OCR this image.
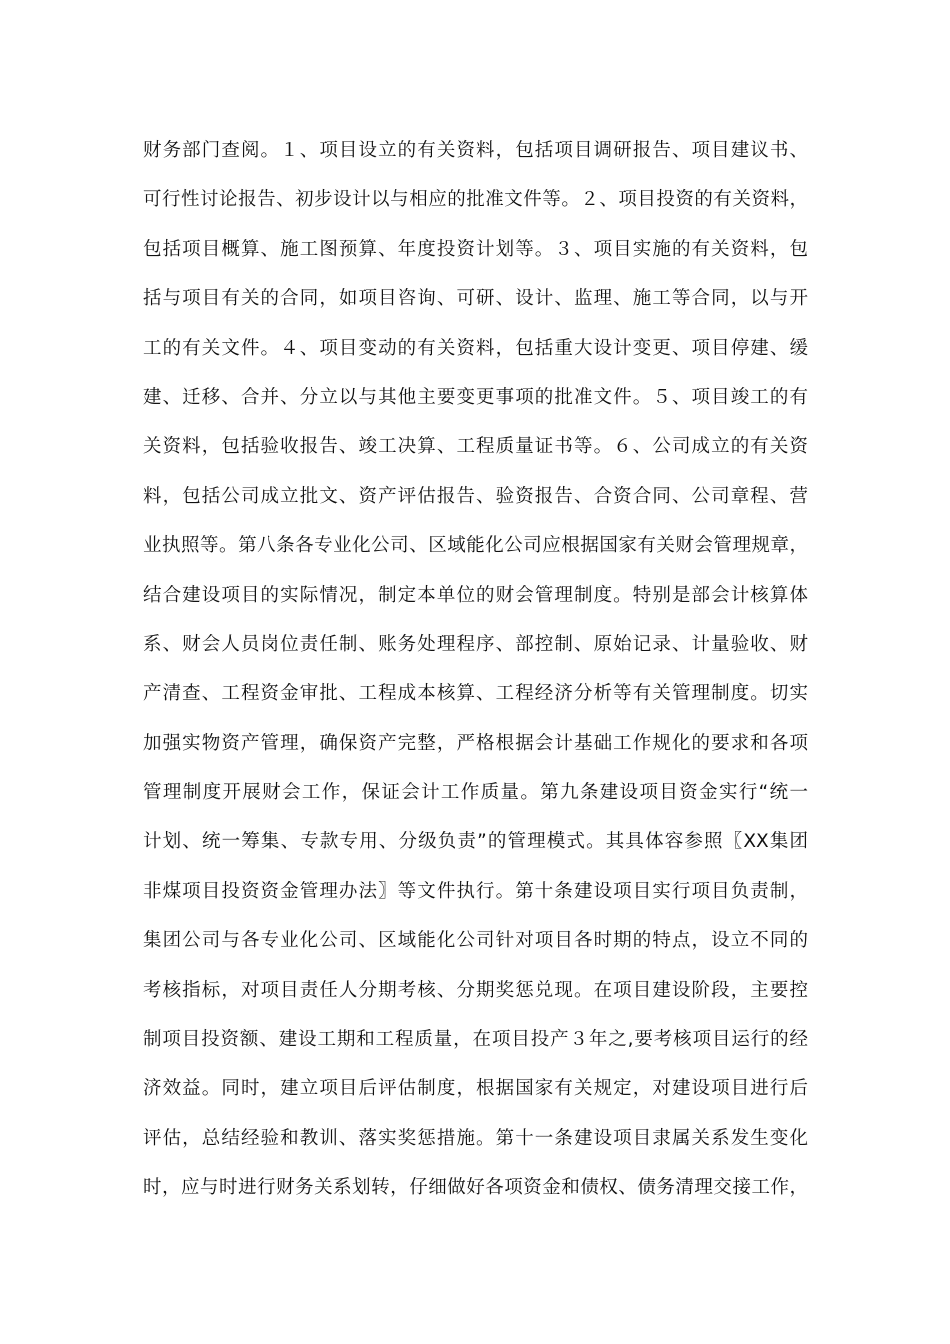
财务部门查阅。１、项目设立的有关资料，包括项目调研报告、项目建议书、
可行性讨论报告、初步设计以与相应的批准文件等。２、项目投资的有关资料，
包括项目概算、施工图预算、年度投资计划等。３、项目实施的有关资料，包
括与项目有关的合同，如项目咨询、可研、设计、监理、施工等合同，以与开
工的有关文件。４、项目变动的有关资料，包括重大设计变更、项目停建、缓
建、迁移、合并、分立以与其他主要变更事项的批准文件。５、项目竣工的有
关资料，包括验收报告、竣工决算、工程质量证书等。６、公司成立的有关资
料，包括公司成立批文、资产评估报告、验资报告、合资合同、公司章程、营
业执照等。第八条各专业化公司、区域能化公司应根据国家有关财会管理规章，
结合建设项目的实际情况，制定本单位的财会管理制度。特别是部会计核算体
系、财会人员岗位责任制、账务处理程序、部控制、原始记录、计量验收、财
产清查、工程资金审批、工程成本核算、工程经济分析等有关管理制度。切实
加强实物资产管理，确保资产完整，严格根据会计基础工作规化的要求和各项
管理制度开展财会工作，保证会计工作质量。第九条建设项目资金实行“统一
计划、统一筹集、专款专用、分级负责”的管理模式。其具体容参照〖XX集团
非煤项目投资资金管理办法〗等文件执行。第十条建设项目实行项目负责制，
集团公司与各专业化公司、区域能化公司针对项目各时期的特点，设立不同的
考核指标，对项目责任人分期考核、分期奖惩兑现。在项目建设阶段，主要控
制项目投资额、建设工期和工程质量，在项目投产３年之,要考核项目运行的经
济效益。同时，建立项目后评估制度，根据国家有关规定，对建设项目进行后
评估，总结经验和教训、落实奖惩措施。第十一条建设项目隶属关系发生变化
时，应与时进行财务关系划转，仔细做好各项资金和债权、债务清理交接工作，
